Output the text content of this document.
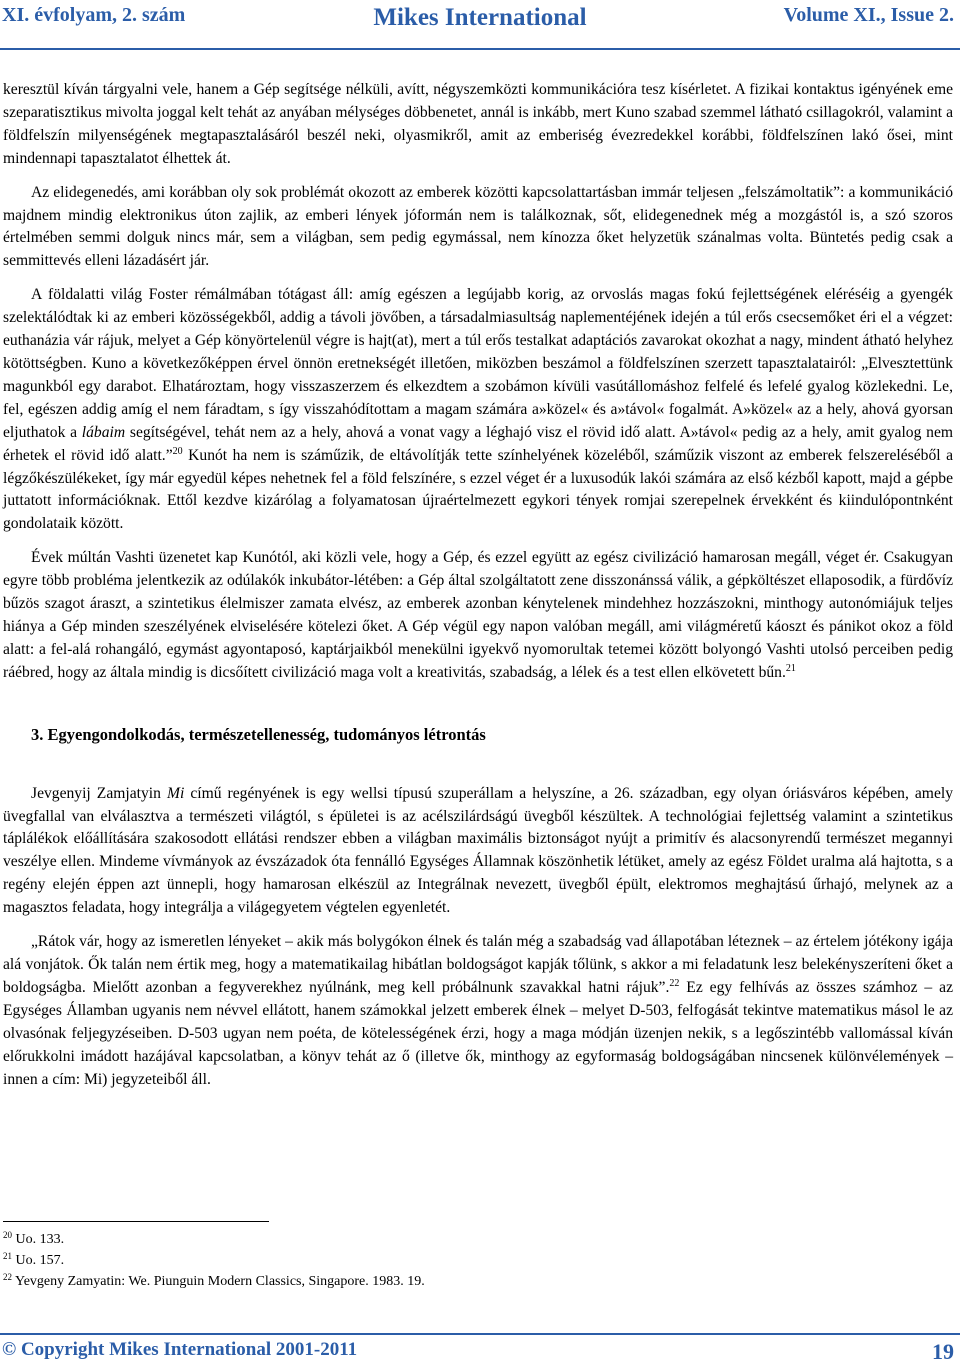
XI. évfolyam, 2. szám	Mikes International	Volume XI., Issue 2.

keresztül kíván tárgyalni vele, hanem a Gép segítsége nélküli, avítt, négyszemközti kommunikációra tesz kísérletet. A fizikai kontaktus igényének eme szeparatisztikus mivolta joggal kelt tehát az anyában mélységes döbbenetet, annál is inkább, mert Kuno szabad szemmel látható csillagokról, valamint a földfelszín milyenségének megtapasztalásáról beszél neki, olyasmikről, amit az emberiség évezredekkel korábbi, földfelszínen lakó ősei, mint mindennapi tapasztalatot élhettek át.

Az elidegenedés, ami korábban oly sok problémát okozott az emberek közötti kapcsolattartásban immár teljesen „felszámoltatik”: a kommunikáció majdnem mindig elektronikus úton zajlik, az emberi lények jóformán nem is találkoznak, sőt, elidegenednek még a mozgástól is, a szó szoros értelmében semmi dolguk nincs már, sem a világban, sem pedig egymással, nem kínozza őket helyzetük szánalmas volta. Büntetés pedig csak a semmittevés elleni lázadásért jár.

A földalatti világ Foster rémálmában tótágast áll: amíg egészen a legújabb korig, az orvoslás magas fokú fejlettségének eléréséig a gyengék szelektálódtak ki az emberi közösségekből, addig a távoli jövőben, a társadalmiasultság naplementéjének idején a túl erős csecsemőket éri el a végzet: euthanázia vár rájuk, melyet a Gép könyörtelenül végre is hajt(at), mert a túl erős testalkat adaptációs zavarokat okozhat a nagy, mindent átható helyhez kötöttségben. Kuno a következőképpen érvel önnön eretnekségét illetően, miközben beszámol a földfelszínen szerzett tapasztalatairól: „Elvesztettünk magunkból egy darabot. Elhatároztam, hogy visszaszerzem és elkezdtem a szobámon kívüli vasútállomáshoz felfelé és lefelé gyalog közlekedni. Le, fel, egészen addig amíg el nem fáradtam, s így visszahódítottam a magam számára a»közel« és a»távol« fogalmát. A»közel« az a hely, ahová gyorsan eljuthatok a lábaim segítségével, tehát nem az a hely, ahová a vonat vagy a léghajó visz el rövid idő alatt. A»távol« pedig az a hely, amit gyalog nem érhetek el rövid idő alatt.”$^{20}$ Kunót ha nem is száműzik, de eltávolítják tette színhelyének közeléből, száműzik viszont az emberek felszereléséből a légzőkészülékeket, így már egyedül képes nehetnek fel a föld felszínére, s ezzel véget ér a luxusodúk lakói számára az első kézből kapott, majd a gépbe juttatott információknak. Ettől kezdve kizárólag a folyamatosan újraértelmezett egykori tények romjai szerepelnek érvekként és kiindulópontnként gondolataik között.

Évek múltán Vashti üzenetet kap Kunótól, aki közli vele, hogy a Gép, és ezzel együtt az egész civilizáció hamarosan megáll, véget ér. Csakugyan egyre több probléma jelentkezik az odúlakók inkubátor-létében: a Gép által szolgáltatott zene disszonánssá válik, a gépköltészet ellaposodik, a fürdővíz bűzös szagot áraszt, a szintetikus élelmiszer zamata elvész, az emberek azonban kénytelenek mindehhez hozzászokni, minthogy autonómiájuk teljes hiánya a Gép minden szeszélyének elviselésére kötelezi őket. A Gép végül egy napon valóban megáll, ami világméretű káoszt és pánikot okoz a föld alatt: a fel-alá rohangáló, egymást agyontaposó, kaptárjaikból menekülni igyekvő nyomorultak tetemei között bolyongó Vashti utolsó perceiben pedig ráébred, hogy az általa mindig is dicsőített civilizáció maga volt a kreativitás, szabadság, a lélek és a test ellen elkövetett bűn.$^{21}$

3. Egyengondolkodás, természetellenesség, tudományos létrontás

Jevgenyij Zamjatyin Mi című regényének is egy wellsi típusú szuperállam a helyszíne, a 26. században, egy olyan óriásváros képében, amely üvegfallal van elválasztva a természeti világtól, s épületei is az acélszilárdságú üvegből készültek. A technológiai fejlettség valamint a szintetikus táplálékok előállítására szakosodott ellátási rendszer ebben a világban maximális biztonságot nyújt a primitív és alacsonyrendű természet megannyi veszélye ellen. Mindeme vívmányok az évszázadok óta fennálló Egységes Államnak köszönhetik létüket, amely az egész Földet uralma alá hajtotta, s a regény elején éppen azt ünnepli, hogy hamarosan elkészül az Integrálnak nevezett, üvegből épült, elektromos meghajtású űrhajó, melynek az a magasztos feladata, hogy integrálja a világegyetem végtelen egyenletét.

„Rátok vár, hogy az ismeretlen lényeket – akik más bolygókon élnek és talán még a szabadság vad állapotában léteznek – az értelem jótékony igája alá vonjátok. Ők talán nem értik meg, hogy a matematikailag hibátlan boldogságot kapják tőlünk, s akkor a mi feladatunk lesz belekényszeríteni őket a boldogságba. Mielőtt azonban a fegyverekhez nyúlnánk, meg kell próbálnunk szavakkal hatni rájuk”.$^{22}$ Ez egy felhívás az összes számhoz – az Egységes Államban ugyanis nem névvel ellátott, hanem számokkal jelzett emberek élnek – melyet D-503, felfogását tekintve matematikus másol le az olvasónak feljegyzéseiben. D-503 ugyan nem poéta, de kötelességének érzi, hogy a maga módján üzenjen nekik, s a legőszintébb vallomással kíván előrukkolni imádott hazájával kapcsolatban, a könyv tehát az ő (illetve ők, minthogy az egyformaság boldogságában nincsenek különvélemények – innen a cím: Mi) jegyzeteiből áll.

$^{20}$ Uo. 133.
$^{21}$ Uo. 157.
$^{22}$ Yevgeny Zamyatin: We. Piunguin Modern Classics, Singapore. 1983. 19.
© Copyright Mikes International 2001-2011	19
